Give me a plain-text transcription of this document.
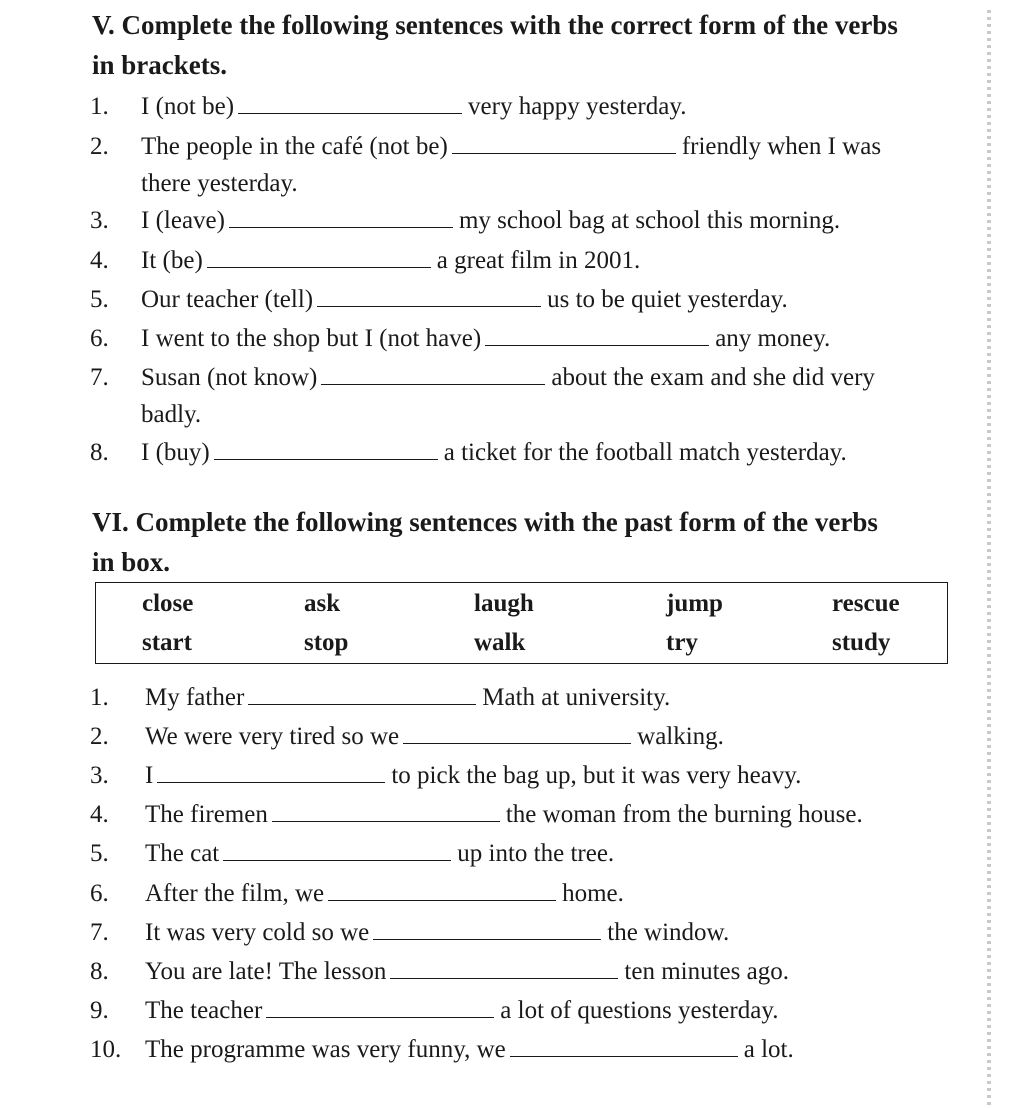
V. Complete the following sentences with the correct form of the verbs
in brackets.
1. I (not be)	very happy yesterday.
2. The people in the café (not be)	friendly when I was
there yesterday.
3. I (leave)	my school bag at school this morning.
4. It (be)	a great film in 2001.
5. Our teacher (tell)	us to be quiet yesterday.
6. I went to the shop but I (not have)	any money.
7. Susan (not know)	about the exam and she did very
badly.
8. I (buy)	a ticket for the football match yesterday.
VI. Complete the following sentences with the past form of the verbs
in box.
close	ask	laugh	jump	rescue
start	stop	walk	try	study
1. My father	Math at university.
2. We were very tired so we	walking.
3. I	to pick the bag up, but it was very heavy.
4. The firemen	the woman from the burning house.
5. The cat	up into the tree.
6. After the film, we	home.
7. It was very cold so we	the window.
8. You are late! The lesson	ten minutes ago.
9. The teacher	a lot of questions yesterday.
10. The programme was very funny, we	a lot.
